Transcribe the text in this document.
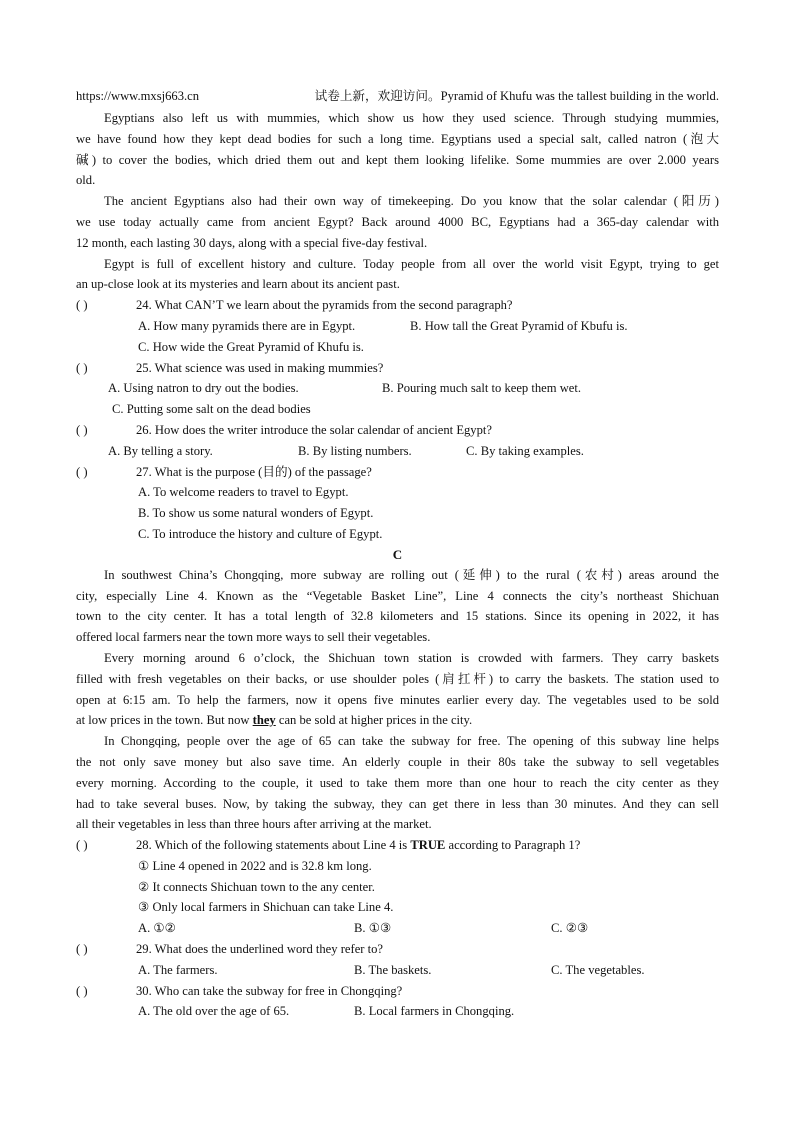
https://www.mxsj663.cn	试卷上新，欢迎访问。Pyramid of Khufu was the tallest building in the world.
Egyptians also left us with mummies, which show us how they used science. Through studying mummies,
we have found how they kept dead bodies for such a long time. Egyptians used a special salt, called natron (泡大
碱) to cover the bodies, which dried them out and kept them looking lifelike. Some mummies are over 2.000 years
old.
The ancient Egyptians also had their own way of timekeeping. Do you know that the solar calendar (阳历)
we use today actually came from ancient Egypt? Back around 4000 BC, Egyptians had a 365-day calendar with
12 month, each lasting 30 days, along with a special five-day festival.
Egypt is full of excellent history and culture. Today people from all over the world visit Egypt, trying to get
an up-close look at its mysteries and learn about its ancient past.
( )	24. What CAN’T we learn about the pyramids from the second paragraph?
A. How many pyramids there are in Egypt.	B. How tall the Great Pyramid of Kbufu is.
C. How wide the Great Pyramid of Khufu is.
( )	25. What science was used in making mummies?
A. Using natron to dry out the bodies.	B. Pouring much salt to keep them wet.
C. Putting some salt on the dead bodies
( )	26. How does the writer introduce the solar calendar of ancient Egypt?
A. By telling a story.	B. By listing numbers.	C. By taking examples.
( )	27. What is the purpose (目的) of the passage?
A. To welcome readers to travel to Egypt.
B. To show us some natural wonders of Egypt.
C. To introduce the history and culture of Egypt.
C
In southwest China’s Chongqing, more subway are rolling out (延伸) to the rural (农村) areas around the
city, especially Line 4. Known as the “Vegetable Basket Line”, Line 4 connects the city’s northeast Shichuan
town to the city center. It has a total length of 32.8 kilometers and 15 stations. Since its opening in 2022, it has
offered local farmers near the town more ways to sell their vegetables.
Every morning around 6 o’clock, the Shichuan town station is crowded with farmers. They carry baskets
filled with fresh vegetables on their backs, or use shoulder poles (肩扛杆) to carry the baskets. The station used to
open at 6:15 am. To help the farmers, now it opens five minutes earlier every day. The vegetables used to be sold
at low prices in the town. But now they can be sold at higher prices in the city.
In Chongqing, people over the age of 65 can take the subway for free. The opening of this subway line helps
the not only save money but also save time. An elderly couple in their 80s take the subway to sell vegetables
every morning. According to the couple, it used to take them more than one hour to reach the city center as they
had to take several buses. Now, by taking the subway, they can get there in less than 30 minutes. And they can sell
all their vegetables in less than three hours after arriving at the market.
( )	28. Which of the following statements about Line 4 is TRUE according to Paragraph 1?
① Line 4 opened in 2022 and is 32.8 km long.
② It connects Shichuan town to the any center.
③ Only local farmers in Shichuan can take Line 4.
A. ①②	B. ①③	C. ②③
( )	29. What does the underlined word they refer to?
A. The farmers.	B. The baskets.	C. The vegetables.
( )	30. Who can take the subway for free in Chongqing?
A. The old over the age of 65.	B. Local farmers in Chongqing.
